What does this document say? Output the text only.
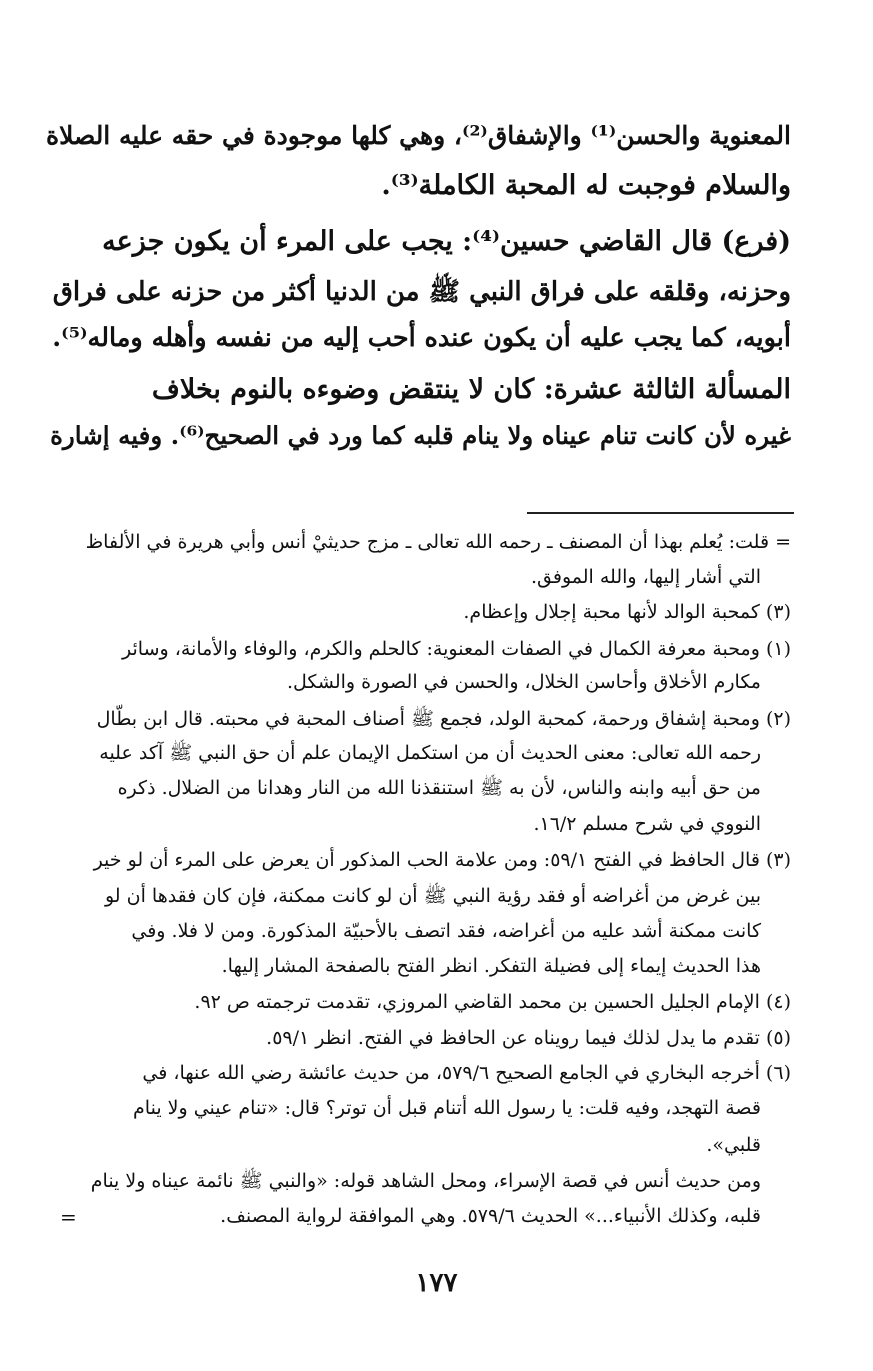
المعنوية والحسن⁽¹⁾ والإشفاق⁽²⁾، وهي كلها موجودة في حقه عليه الصلاة
والسلام فوجبت له المحبة الكاملة⁽³⁾.
(فرع) قال القاضي حسين⁽⁴⁾: يجب على المرء أن يكون جزعه
وحزنه، وقلقه على فراق النبي ﷺ من الدنيا أكثر من حزنه على فراق
أبويه، كما يجب عليه أن يكون عنده أحب إليه من نفسه وأهله وماله⁽⁵⁾.
المسألة الثالثة عشرة: كان لا ينتقض وضوءه بالنوم بخلاف
غيره لأن كانت تنام عيناه ولا ينام قلبه كما ورد في الصحيح⁽⁶⁾. وفيه إشارة
= قلت: يُعلم بهذا أن المصنف ـ رحمه الله تعالى ـ مزج حديثيْ أنس وأبي هريرة في الألفاظ
التي أشار إليها، والله الموفق.
(٣) كمحبة الوالد لأنها محبة إجلال وإعظام.
(١) ومحبة معرفة الكمال في الصفات المعنوية: كالحلم والكرم، والوفاء والأمانة، وسائر
مكارم الأخلاق وأحاسن الخلال، والحسن في الصورة والشكل.
(٢) ومحبة إشفاق ورحمة، كمحبة الولد، فجمع ﷺ أصناف المحبة في محبته. قال ابن بطّال
رحمه الله تعالى: معنى الحديث أن من استكمل الإيمان علم أن حق النبي ﷺ آكد عليه
من حق أبيه وابنه والناس، لأن به ﷺ استنقذنا الله من النار وهدانا من الضلال. ذكره
النووي في شرح مسلم ١٦/٢.
(٣) قال الحافظ في الفتح ٥٩/١: ومن علامة الحب المذكور أن يعرض على المرء أن لو خير
بين غرض من أغراضه أو فقد رؤية النبي ﷺ أن لو كانت ممكنة، فإن كان فقدها أن لو
كانت ممكنة أشد عليه من أغراضه، فقد اتصف بالأحبيّة المذكورة. ومن لا فلا. وفي
هذا الحديث إيماء إلى فضيلة التفكر. انظر الفتح بالصفحة المشار إليها.
(٤) الإمام الجليل الحسين بن محمد القاضي المروزي، تقدمت ترجمته ص ٩٢.
(٥) تقدم ما يدل لذلك فيما رويناه عن الحافظ في الفتح. انظر ٥٩/١.
(٦) أخرجه البخاري في الجامع الصحيح ٥٧٩/٦، من حديث عائشة رضي الله عنها، في
قصة التهجد، وفيه قلت: يا رسول الله أتنام قبل أن توتر؟ قال: «تنام عيني ولا ينام
قلبي».
ومن حديث أنس في قصة الإسراء، ومحل الشاهد قوله: «والنبي ﷺ نائمة عيناه ولا ينام
قلبه، وكذلك الأنبياء...» الحديث ٥٧٩/٦. وهي الموافقة لرواية المصنف.
=
١٧٧
